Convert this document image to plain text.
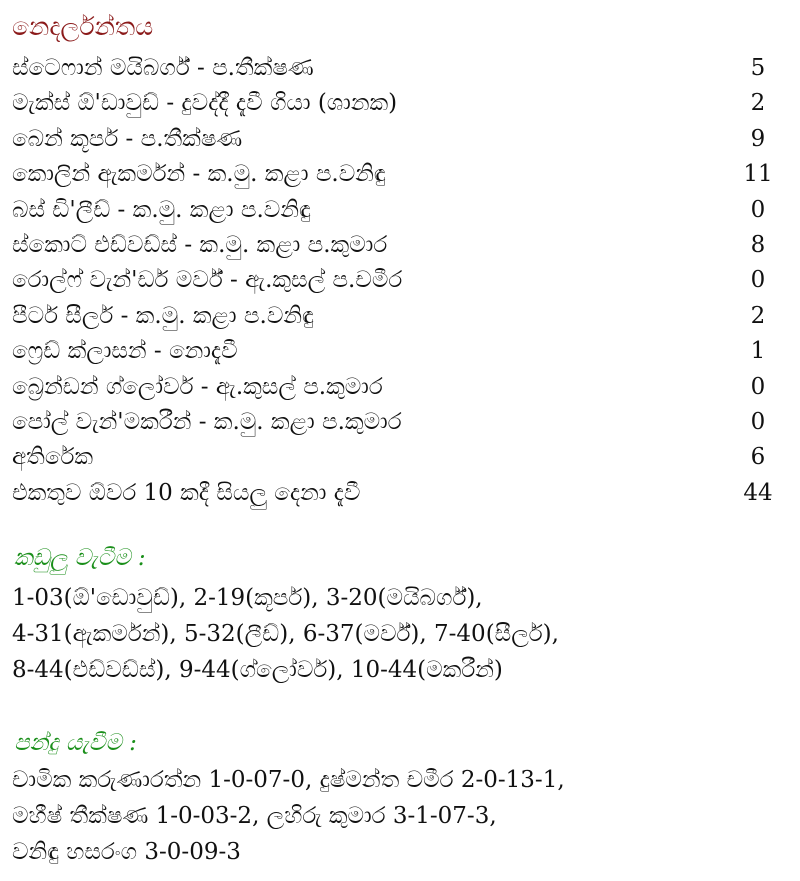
නෙදර්ලන්තය
ස්ටෙෆාන් මයිබර්ග් - ප.තීක්ෂණ	5
මැක්ස් ඕ'ඩාවුඩ් - දුවද්දී දැවී ගියා (ශානක)	2
බෙන් කූපර් - ප.තීක්ෂණ	9
කොලින් ඇකර්මන් - ක.මු. කළා ප.වනිඳු	11
බස් ඩි'ලීඩ් - ක.මු. කළා ප.වනිඳු	0
ස්කොට් එඩ්වඩ්ස් - ක.මු. කළා ප.කුමාර	8
රොල්ෆ් වැන්'ඩර් මර්ව් - ඇ.කුසල් ප.චමීර	0
පීටර් සීලර් - ක.මු. කළා ප.වනිඳු	2
ෆ්‍රෙඩ් ක්ලාසන් - නොදැවී	1
බ්‍රෙන්ඩන් ග්ලෝවර් - ඇ.කුසල් ප.කුමාර	0
පෝල් වැන්'මකරීන් - ක.මු. කළා ප.කුමාර	0
අතිරේක	6
එකතුව ඕවර 10 කදී සියලු දෙනා දැවී	44
කඩුලු වැටීම :
1-03(ඕ'ඩොවුඩ්), 2-19(කූපර්), 3-20(මයිබර්ග්),
4-31(ඇකර්මන්), 5-32(ලීඩ්), 6-37(මර්ව්), 7-40(සීලර්),
8-44(එඩ්වඩ්ස්), 9-44(ග්ලෝවර්), 10-44(මකරීන්)
පන්දු යැවීම :
චාමික කරුණාරත්න 1-0-07-0, දුෂ්මන්ත චමීර 2-0-13-1,
මහීෂ් තීක්ෂණ 1-0-03-2, ලහිරු කුමාර 3-1-07-3,
වනිඳු හසරංග 3-0-09-3
